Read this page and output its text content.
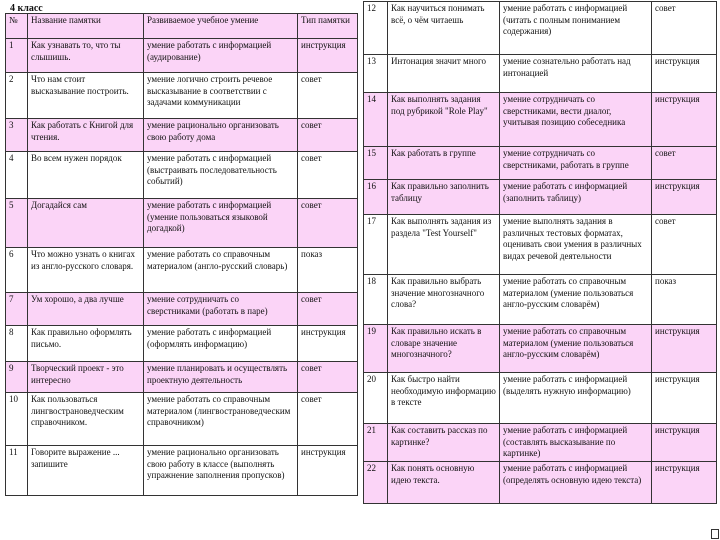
4 класс
№	Название памятки	Развиваемое учебное умение	Тип памятки
1	Как узнавать то, что ты слышишь.	умение работать с информацией (аудирование)	инструкция
2	Что нам стоит высказывание построить.	умение логично строить речевое высказывание в соответствии с задачами коммуникации	совет
3	Как работать с Книгой для чтения.	умение рационально организовать свою работу дома	совет
4	Во всем нужен порядок	умение работать с информацией (выстраивать последовательность событий)	совет
5	Догадайся сам	умение работать с информацией (умение пользоваться языковой догадкой)	совет
6	Что можно узнать о книгах из англо-русского словаря.	умение работать со справочным материалом (англо-русский словарь)	показ
7	Ум хорошо, а два лучше	умение сотрудничать со сверстниками (работать в паре)	совет
8	Как правильно оформлять письмо.	умение работать с информацией (оформлять информацию)	инструкция
9	Творческий проект - это интересно	умение планировать и осуществлять проектную деятельность	совет
10	Как пользоваться лингвострановедческим справочником.	умение работать со справочным материалом (лингвострановедческим справочником)	совет
11	Говорите выражение ... запишите	умение рационально организовать свою работу в классе (выполнять упражнение заполнения пропусков)	инструкция
12	Как научиться понимать всё, о чём читаешь	умение работать с информацией (читать с полным пониманием содержания)	совет
13	Интонация значит много	умение сознательно работать над интонацией	инструкция
14	Как выполнять задания под рубрикой "Role Play"	умение сотрудничать со сверстниками, вести диалог, учитывая позицию собеседника	инструкция
15	Как работать в группе	умение сотрудничать со сверстниками, работать в группе	совет
16	Как правильно заполнить таблицу	умение работать с информацией (заполнить таблицу)	инструкция
17	Как выполнять задания из раздела "Test Yourself"	умение выполнять задания в различных тестовых форматах, оценивать свои умения в различных видах речевой деятельности	совет
18	Как правильно выбрать значение многозначного слова?	умение работать со справочным материалом (умение пользоваться англо-русским словарём)	показ
19	Как правильно искать в словаре значение многозначного?	умение работать со справочным материалом (умение пользоваться англо-русским словарём)	инструкция
20	Как быстро найти необходимую информацию в тексте	умение работать с информацией (выделять нужную информацию)	инструкция
21	Как составить рассказ по картинке?	умение работать с информацией (составлять высказывание по картинке)	инструкция
22	Как понять основную идею текста.	умение работать с информацией (определять основную идею текста)	инструкция
